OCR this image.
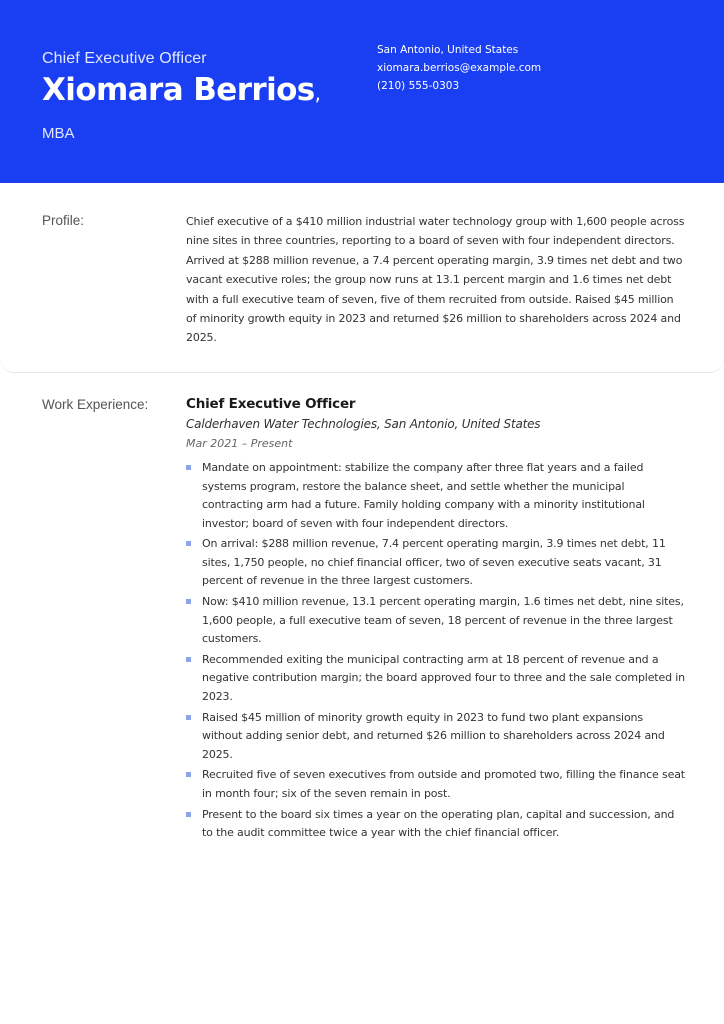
Chief Executive Officer
Xiomara Berrios,
MBA
San Antonio, United States
xiomara.berrios@example.com
(210) 555-0303
Profile:	Chief executive of a $410 million industrial water technology group with 1,600 people across nine sites in three countries, reporting to a board of seven with four independent directors. Arrived at $288 million revenue, a 7.4 percent operating margin, 3.9 times net debt and two vacant executive roles; the group now runs at 13.1 percent margin and 1.6 times net debt with a full executive team of seven, five of them recruited from outside. Raised $45 million of minority growth equity in 2023 and returned $26 million to shareholders across 2024 and 2025.
Work Experience:	Chief Executive Officer
Calderhaven Water Technologies, San Antonio, United States
Mar 2021 – Present
Mandate on appointment: stabilize the company after three flat years and a failed systems program, restore the balance sheet, and settle whether the municipal contracting arm had a future. Family holding company with a minority institutional investor; board of seven with four independent directors.
On arrival: $288 million revenue, 7.4 percent operating margin, 3.9 times net debt, 11 sites, 1,750 people, no chief financial officer, two of seven executive seats vacant, 31 percent of revenue in the three largest customers.
Now: $410 million revenue, 13.1 percent operating margin, 1.6 times net debt, nine sites, 1,600 people, a full executive team of seven, 18 percent of revenue in the three largest customers.
Recommended exiting the municipal contracting arm at 18 percent of revenue and a negative contribution margin; the board approved four to three and the sale completed in 2023.
Raised $45 million of minority growth equity in 2023 to fund two plant expansions without adding senior debt, and returned $26 million to shareholders across 2024 and 2025.
Recruited five of seven executives from outside and promoted two, filling the finance seat in month four; six of the seven remain in post.
Present to the board six times a year on the operating plan, capital and succession, and to the audit committee twice a year with the chief financial officer.
